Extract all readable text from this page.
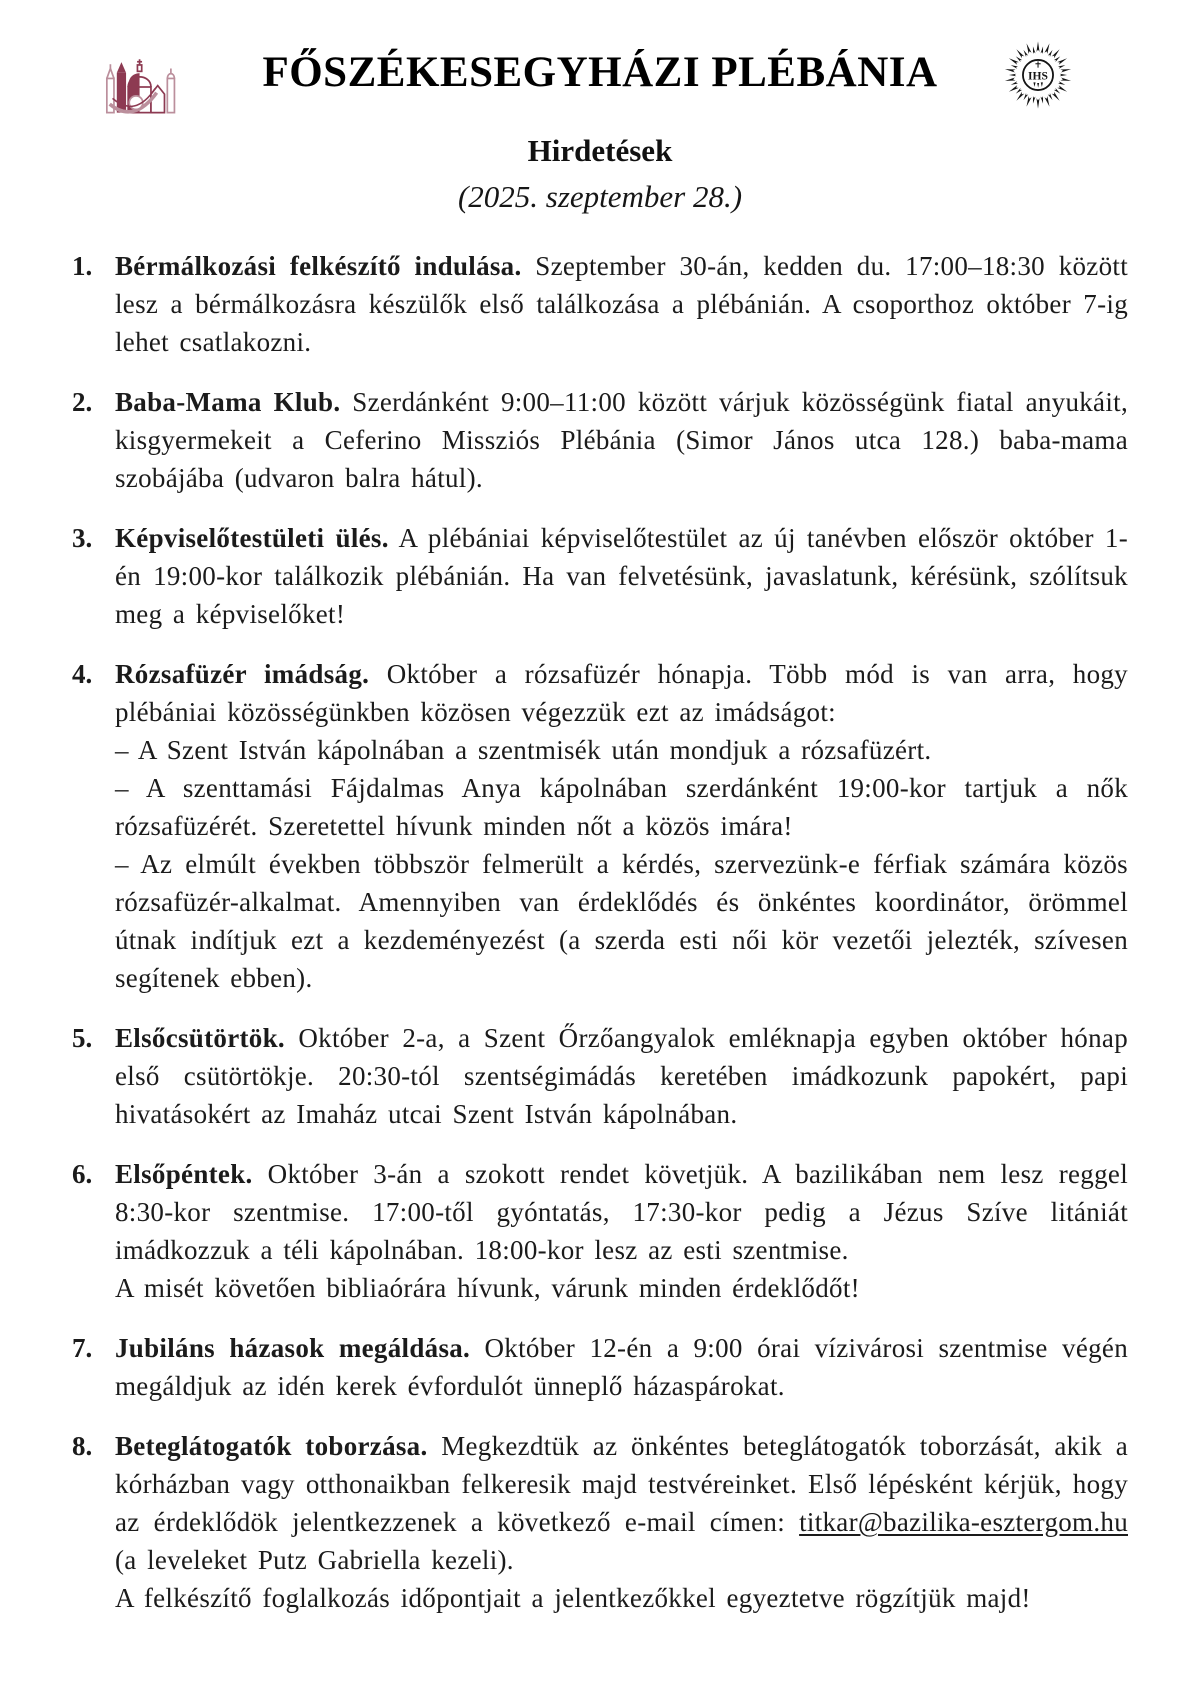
IHS
FŐSZÉKESEGYHÁZI PLÉBÁNIA
Hirdetések
(2025. szeptember 28.)
1. Bérmálkozási felkészítő indulása. Szeptember 30-án, kedden du. 17:00–18:30 között lesz a bérmálkozásra készülők első találkozása a plébánián. A csoporthoz október 7-ig lehet csatlakozni.

2. Baba-Mama Klub. Szerdánként 9:00–11:00 között várjuk közösségünk fiatal anyukáit, kisgyermekeit a Ceferino Missziós Plébánia (Simor János utca 128.) baba-mama szobájába (udvaron balra hátul).

3. Képviselőtestületi ülés. A plébániai képviselőtestület az új tanévben először október 1-én 19:00-kor találkozik plébánián. Ha van felvetésünk, javaslatunk, kérésünk, szólítsuk meg a képviselőket!

4. Rózsafüzér imádság. Október a rózsafüzér hónapja. Több mód is van arra, hogy plébániai közösségünkben közösen végezzük ezt az imádságot:

– A Szent István kápolnában a szentmisék után mondjuk a rózsafüzért.

– A szenttamási Fájdalmas Anya kápolnában szerdánként 19:00-kor tartjuk a nők rózsafüzérét. Szeretettel hívunk minden nőt a közös imára!

– Az elmúlt években többször felmerült a kérdés, szervezünk-e férfiak számára közös rózsafüzér-alkalmat. Amennyiben van érdeklődés és önkéntes koordinátor, örömmel útnak indítjuk ezt a kezdeményezést (a szerda esti női kör vezetői jelezték, szívesen segítenek ebben).

5. Elsőcsütörtök. Október 2-a, a Szent Őrzőangyalok emléknapja egyben október hónap első csütörtökje. 20:30-tól szentségimádás keretében imádkozunk papokért, papi hivatásokért az Imaház utcai Szent István kápolnában.

6. Elsőpéntek. Október 3-án a szokott rendet követjük. A bazilikában nem lesz reggel 8:30-kor szentmise. 17:00-től gyóntatás, 17:30-kor pedig a Jézus Szíve litániát imádkozzuk a téli kápolnában. 18:00-kor lesz az esti szentmise.

A misét követően bibliaórára hívunk, várunk minden érdeklődőt!

7. Jubiláns házasok megáldása. Október 12-én a 9:00 órai vízivárosi szentmise végén megáldjuk az idén kerek évfordulót ünneplő házaspárokat.

8. Beteglátogatók toborzása. Megkezdtük az önkéntes beteglátogatók toborzását, akik a kórházban vagy otthonaikban felkeresik majd testvéreinket. Első lépésként kérjük, hogy az érdeklődök jelentkezzenek a következő e-mail címen: titkar@bazilika-esztergom.hu (a leveleket Putz Gabriella kezeli).

A felkészítő foglalkozás időpontjait a jelentkezőkkel egyeztetve rögzítjük majd!
